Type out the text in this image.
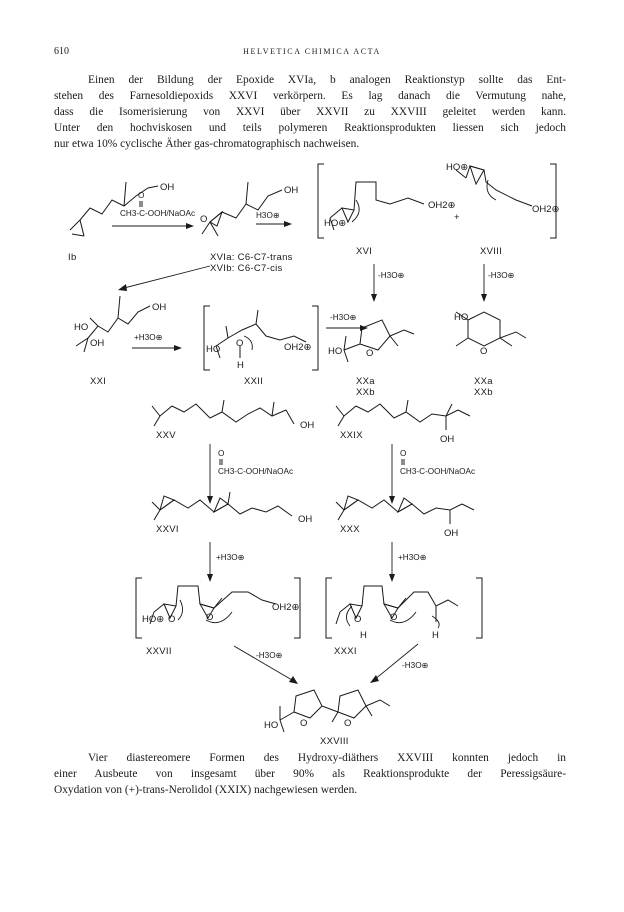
610	HELVETICA CHIMICA ACTA

Einen der Bildung der Epoxide XVIa, b analogen Reaktionstyp sollte das Ent-
stehen des Farnesoldiepoxids XXVI verkörpern. Es lag danach die Vermutung nahe,
dass die Isomerisierung von XXVI über XXVII zu XXVIII geleitet werden kann.
Unter den hochviskosen und teils polymeren Reaktionsprodukten liessen sich jedoch
nur etwa 10% cyclische Äther gas-chromatographisch nachweisen.

OH
Ib
O
CH3-C-OOH/NaOAc
O
OH
XVIa: C6-C7-trans
XVIb: C6-C7-cis
H3O⊕
HO⊕
OH2⊕
+
HO⊕
OH2⊕
XVI	XVIII
-H3O⊕	-H3O⊕
HO
OH
OH
XXI
+H3O⊕
HO
O
H
OH2⊕
XXII
-H3O⊕
HO	O
XXa
XXb
HO
O
XXa
XXb
OH
XXV	OH
XXIX
O
CH3-C-OOH/NaOAc
O
CH3-C-OOH/NaOAc
OH
XXVI	OH
XXX
+H3O⊕	+H3O⊕
HO⊕ O	O
OH2⊕
XXVII
O
H
O
H
XXXI
-H3O⊕
-H3O⊕
HO O	O
XXVIII

Vier diastereomere Formen des Hydroxy-diäthers XXVIII konnten jedoch in
einer Ausbeute von insgesamt über 90% als Reaktionsprodukte der Peressigsäure-
Oxydation von (+)-trans-Nerolidol (XXIX) nachgewiesen werden.
